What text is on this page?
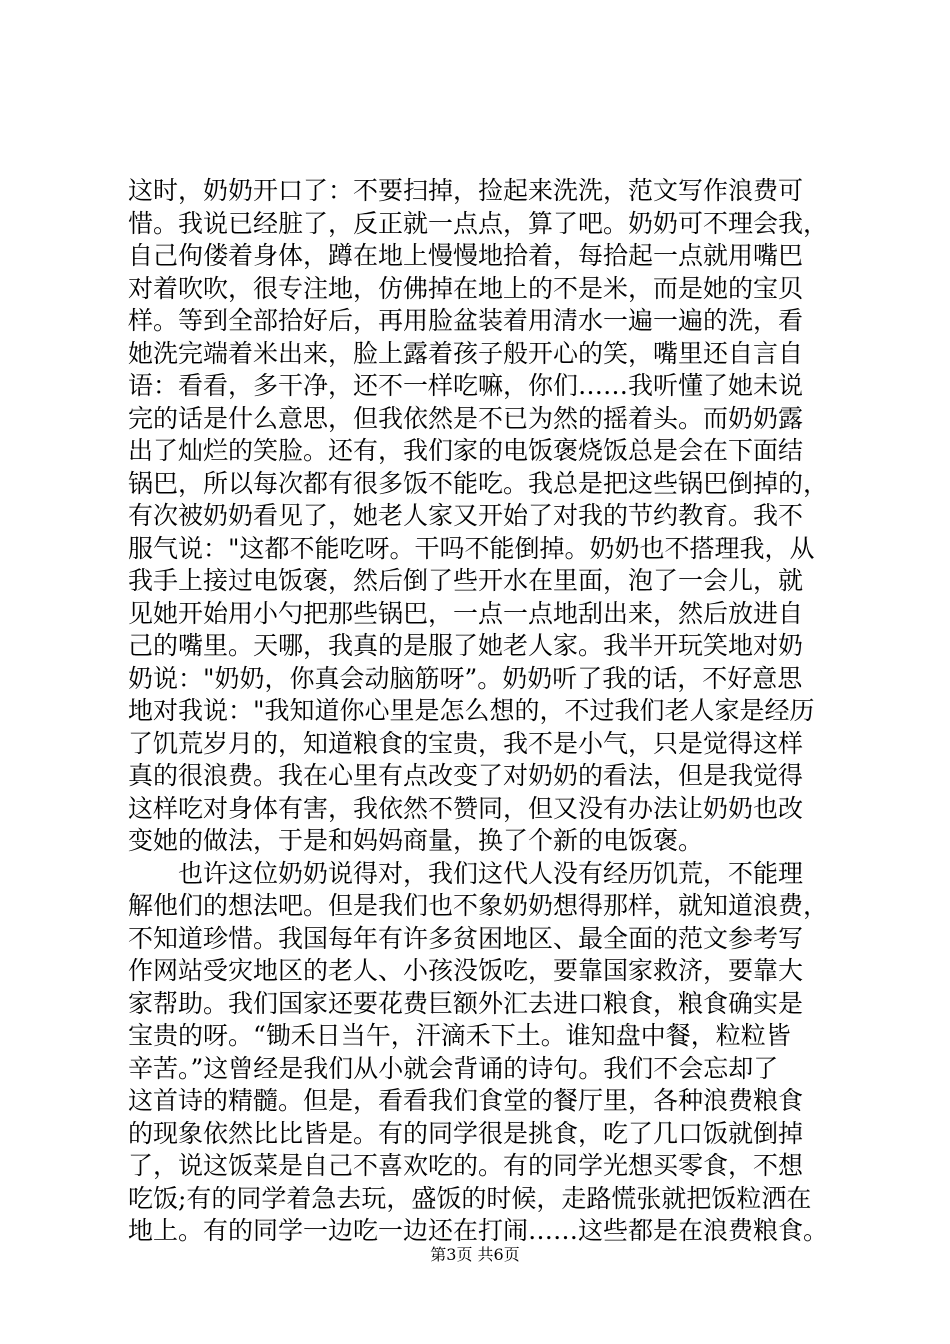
这时，奶奶开口了：不要扫掉，捡起来洗洗，范文写作浪费可
惜。我说已经脏了，反正就一点点，算了吧。奶奶可不理会我，
自己佝偻着身体，蹲在地上慢慢地拾着，每拾起一点就用嘴巴
对着吹吹，很专注地，仿佛掉在地上的不是米，而是她的宝贝
样。等到全部拾好后，再用脸盆装着用清水一遍一遍的洗，看
她洗完端着米出来，脸上露着孩子般开心的笑，嘴里还自言自
语：看看，多干净，还不一样吃嘛，你们……我听懂了她未说
完的话是什么意思，但我依然是不已为然的摇着头。而奶奶露
出了灿烂的笑脸。还有，我们家的电饭褒烧饭总是会在下面结
锅巴，所以每次都有很多饭不能吃。我总是把这些锅巴倒掉的，
有次被奶奶看见了，她老人家又开始了对我的节约教育。我不
服气说："这都不能吃呀。干吗不能倒掉。奶奶也不搭理我，从
我手上接过电饭褒，然后倒了些开水在里面，泡了一会儿，就
见她开始用小勺把那些锅巴，一点一点地刮出来，然后放进自
己的嘴里。天哪，我真的是服了她老人家。我半开玩笑地对奶
奶说："奶奶，你真会动脑筋呀”。奶奶听了我的话，不好意思
地对我说："我知道你心里是怎么想的，不过我们老人家是经历
了饥荒岁月的，知道粮食的宝贵，我不是小气，只是觉得这样
真的很浪费。我在心里有点改变了对奶奶的看法，但是我觉得
这样吃对身体有害，我依然不赞同，但又没有办法让奶奶也改
变她的做法，于是和妈妈商量，换了个新的电饭褒。
也许这位奶奶说得对，我们这代人没有经历饥荒，不能理
解他们的想法吧。但是我们也不象奶奶想得那样，就知道浪费，
不知道珍惜。我国每年有许多贫困地区、最全面的范文参考写
作网站受灾地区的老人、小孩没饭吃，要靠国家救济，要靠大
家帮助。我们国家还要花费巨额外汇去进口粮食，粮食确实是
宝贵的呀。“锄禾日当午，汗滴禾下土。谁知盘中餐，粒粒皆
辛苦。”这曾经是我们从小就会背诵的诗句。我们不会忘却了
这首诗的精髓。但是，看看我们食堂的餐厅里，各种浪费粮食
的现象依然比比皆是。有的同学很是挑食，吃了几口饭就倒掉
了，说这饭菜是自己不喜欢吃的。有的同学光想买零食，不想
吃饭;有的同学着急去玩，盛饭的时候，走路慌张就把饭粒洒在
地上。有的同学一边吃一边还在打闹……这些都是在浪费粮食。
第3页 共6页
